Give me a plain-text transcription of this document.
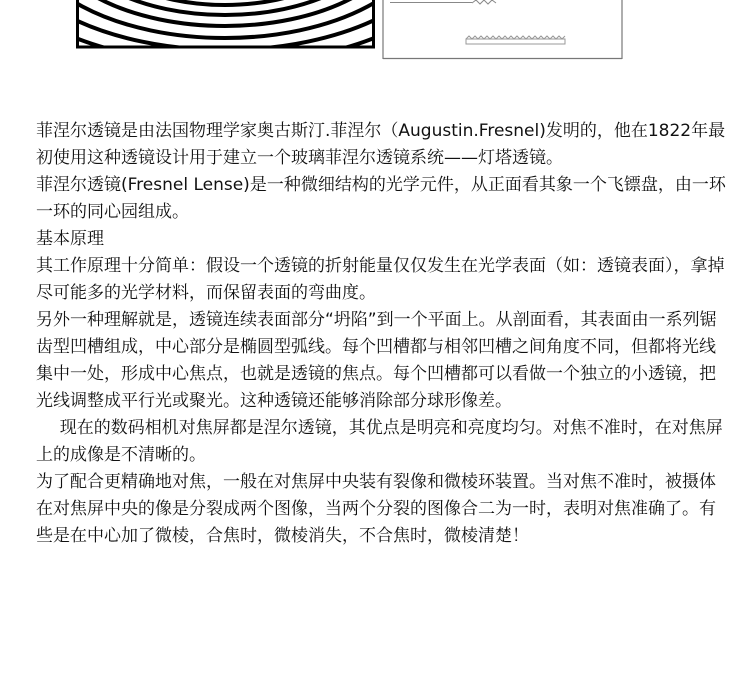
菲涅尔透镜是由法国物理学家奥古斯汀.菲涅尔（Augustin.Fresnel)发明的，他在1822年最初使用这种透镜设计用于建立一个玻璃菲涅尔透镜系统——灯塔透镜。

菲涅尔透镜(Fresnel Lense)是一种微细结构的光学元件，从正面看其象一个飞镖盘，由一环一环的同心园组成。

基本原理

其工作原理十分简单：假设一个透镜的折射能量仅仅发生在光学表面（如：透镜表面），拿掉尽可能多的光学材料，而保留表面的弯曲度。

另外一种理解就是，透镜连续表面部分“坍陷”到一个平面上。从剖面看，其表面由一系列锯齿型凹槽组成，中心部分是椭圆型弧线。每个凹槽都与相邻凹槽之间角度不同，但都将光线集中一处，形成中心焦点，也就是透镜的焦点。每个凹槽都可以看做一个独立的小透镜，把光线调整成平行光或聚光。这种透镜还能够消除部分球形像差。

现在的数码相机对焦屏都是涅尔透镜，其优点是明亮和亮度均匀。对焦不准时，在对焦屏上的成像是不清晰的。

为了配合更精确地对焦，一般在对焦屏中央装有裂像和微棱环装置。当对焦不准时，被摄体在对焦屏中央的像是分裂成两个图像，当两个分裂的图像合二为一时，表明对焦准确了。有些是在中心加了微棱，合焦时，微棱消失，不合焦时，微棱清楚！
